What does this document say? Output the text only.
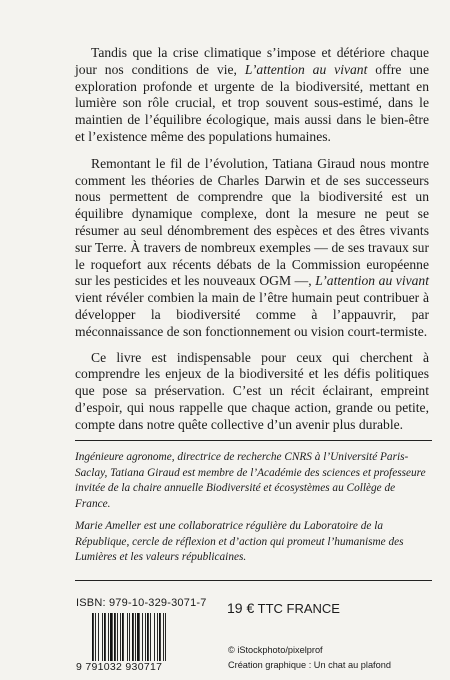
Tandis que la crise climatique s’impose et détériore chaque jour nos conditions de vie, L’attention au vivant offre une exploration profonde et urgente de la biodiversité, mettant en lumière son rôle crucial, et trop souvent sous-estimé, dans le maintien de l’équilibre écologique, mais aussi dans le bien-être et l’existence même des populations humaines.

Remontant le fil de l’évolution, Tatiana Giraud nous montre comment les théories de Charles Darwin et de ses successeurs nous permettent de comprendre que la biodiversité est un équilibre dynamique complexe, dont la mesure ne peut se résumer au seul dénombrement des espèces et des êtres vivants sur Terre. À travers de nombreux exemples — de ses travaux sur le roquefort aux récents débats de la Commission européenne sur les pesticides et les nouveaux OGM —, L’attention au vivant vient révéler combien la main de l’être humain peut contribuer à développer la biodiversité comme à l’appauvrir, par méconnaissance de son fonctionnement ou vision court-termiste.

Ce livre est indispensable pour ceux qui cherchent à comprendre les enjeux de la biodiversité et les défis politiques que pose sa préservation. C’est un récit éclairant, empreint d’espoir, qui nous rappelle que chaque action, grande ou petite, compte dans notre quête collective d’un avenir plus durable.

Ingénieure agronome, directrice de recherche CNRS à l’Université Paris-Saclay, Tatiana Giraud est membre de l’Académie des sciences et professeure invitée de la chaire annuelle Biodiversité et écosystèmes au Collège de France.

Marie Ameller est une collaboratrice régulière du Laboratoire de la République, cercle de réflexion et d’action qui promeut l’humanisme des Lumières et les valeurs républicaines.

ISBN: 979-10-329-3071-7
9 791032 930717
19 € TTC FRANCE
© iStockphoto/pixelprof
Création graphique : Un chat au plafond
